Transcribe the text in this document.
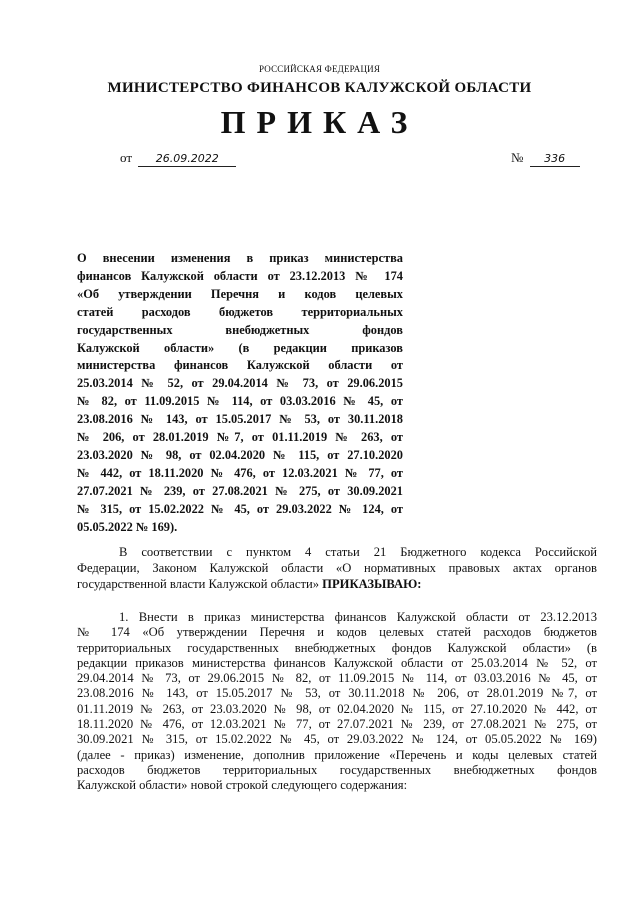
РОССИЙСКАЯ ФЕДЕРАЦИЯ
МИНИСТЕРСТВО ФИНАНСОВ КАЛУЖСКОЙ ОБЛАСТИ
ПРИКАЗ
от 26.09.2022	№ 336
О внесении изменения в приказ министерства
финансов Калужской области от 23.12.2013 № 174
«Об утверждении Перечня и кодов целевых
статей расходов бюджетов территориальных
государственных внебюджетных фондов
Калужской области» (в редакции приказов
министерства финансов Калужской области от
25.03.2014 № 52, от 29.04.2014 № 73, от 29.06.2015
№ 82, от 11.09.2015 № 114, от 03.03.2016 № 45, от
23.08.2016 № 143, от 15.05.2017 № 53, от 30.11.2018
№ 206, от 28.01.2019 №7, от 01.11.2019 № 263, от
23.03.2020 № 98, от 02.04.2020 № 115, от 27.10.2020
№ 442, от 18.11.2020 № 476, от 12.03.2021 № 77, от
27.07.2021 № 239, от 27.08.2021 № 275, от 30.09.2021
№ 315, от 15.02.2022 № 45, от 29.03.2022 № 124, от
05.05.2022 № 169).
В соответствии с пунктом 4 статьи 21 Бюджетного кодекса Российской
Федерации, Законом Калужской области «О нормативных правовых актах органов
государственной власти Калужской области» ПРИКАЗЫВАЮ:
1. Внести в приказ министерства финансов Калужской области от 23.12.2013
№ 174 «Об утверждении Перечня и кодов целевых статей расходов бюджетов
территориальных государственных внебюджетных фондов Калужской области» (в
редакции приказов министерства финансов Калужской области от 25.03.2014 № 52, от
29.04.2014 № 73, от 29.06.2015 № 82, от 11.09.2015 № 114, от 03.03.2016 № 45, от
23.08.2016 № 143, от 15.05.2017 № 53, от 30.11.2018 № 206, от 28.01.2019 №7, от
01.11.2019 № 263, от 23.03.2020 № 98, от 02.04.2020 № 115, от 27.10.2020 № 442, от
18.11.2020 № 476, от 12.03.2021 № 77, от 27.07.2021 № 239, от 27.08.2021 № 275, от
30.09.2021 № 315, от 15.02.2022 № 45, от 29.03.2022 № 124, от 05.05.2022 № 169)
(далее - приказ) изменение, дополнив приложение «Перечень и коды целевых статей
расходов бюджетов территориальных государственных внебюджетных фондов
Калужской области» новой строкой следующего содержания:
